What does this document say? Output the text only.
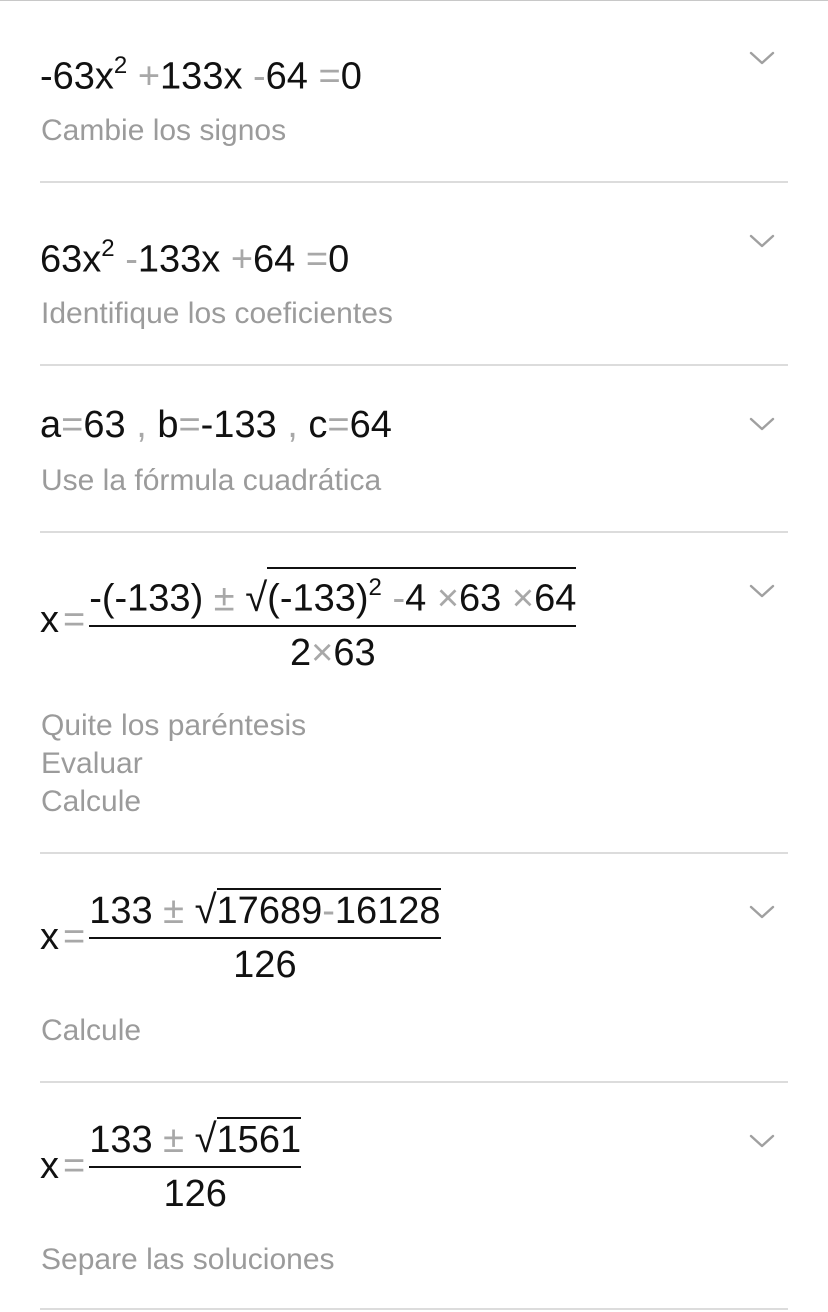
$-63x^2 +133x$ -64 =0
Cambie los signos
$63x^2$ -133x +64 =0
Identifique los coeficientes
a=63 , b=-133 , c=64
Use la fórmula cuadrática
x =
-(-133) ± √ $(-133)^2$ -4 ×63 ×64
2×63
Quite los paréntesis
Evaluar
Calcule
x =
133 ± √ 17689-16128
126
Calcule
$x = \frac{133 \pm √ 1561}{126}$
Separe las soluciones
